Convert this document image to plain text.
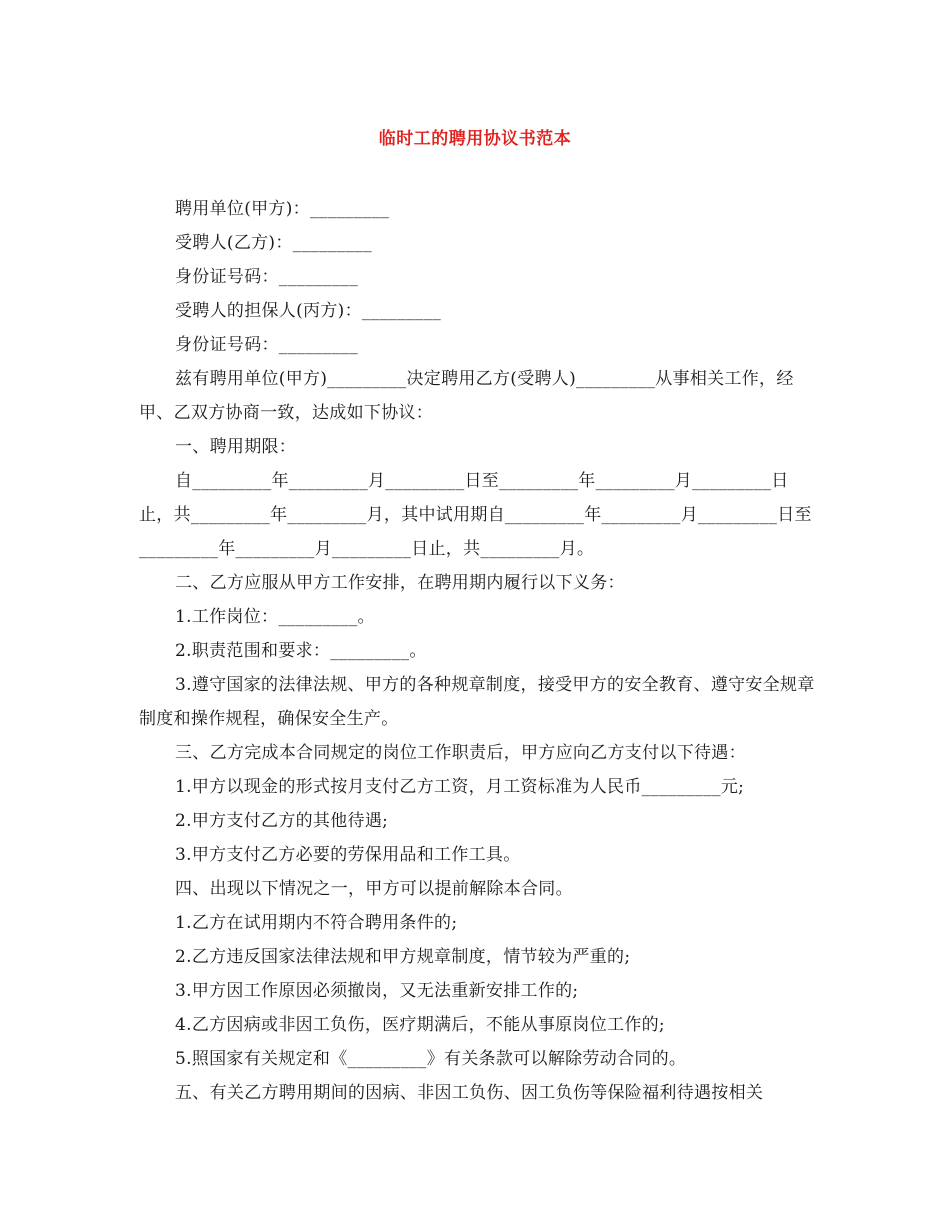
临时工的聘用协议书范本

聘用单位(甲方)：_________

受聘人(乙方)：_________

身份证号码：_________

受聘人的担保人(丙方)：_________

身份证号码：_________

兹有聘用单位(甲方)_________决定聘用乙方(受聘人)_________从事相关工作，经甲、乙双方协商一致，达成如下协议：

一、聘用期限：

自_________年_________月_________日至_________年_________月_________日止，共_________年_________月，其中试用期自_________年_________月_________日至_________年_________月_________日止，共_________月。

二、乙方应服从甲方工作安排，在聘用期内履行以下义务：

1.工作岗位：_________。

2.职责范围和要求：_________。

3.遵守国家的法律法规、甲方的各种规章制度，接受甲方的安全教育、遵守安全规章制度和操作规程，确保安全生产。

三、乙方完成本合同规定的岗位工作职责后，甲方应向乙方支付以下待遇：

1.甲方以现金的形式按月支付乙方工资，月工资标准为人民币_________元;

2.甲方支付乙方的其他待遇;

3.甲方支付乙方必要的劳保用品和工作工具。

四、出现以下情况之一，甲方可以提前解除本合同。

1.乙方在试用期内不符合聘用条件的;

2.乙方违反国家法律法规和甲方规章制度，情节较为严重的;

3.甲方因工作原因必须撤岗，又无法重新安排工作的;

4.乙方因病或非因工负伤，医疗期满后，不能从事原岗位工作的;

5.照国家有关规定和《_________》有关条款可以解除劳动合同的。

五、有关乙方聘用期间的因病、非因工负伤、因工负伤等保险福利待遇按相关
